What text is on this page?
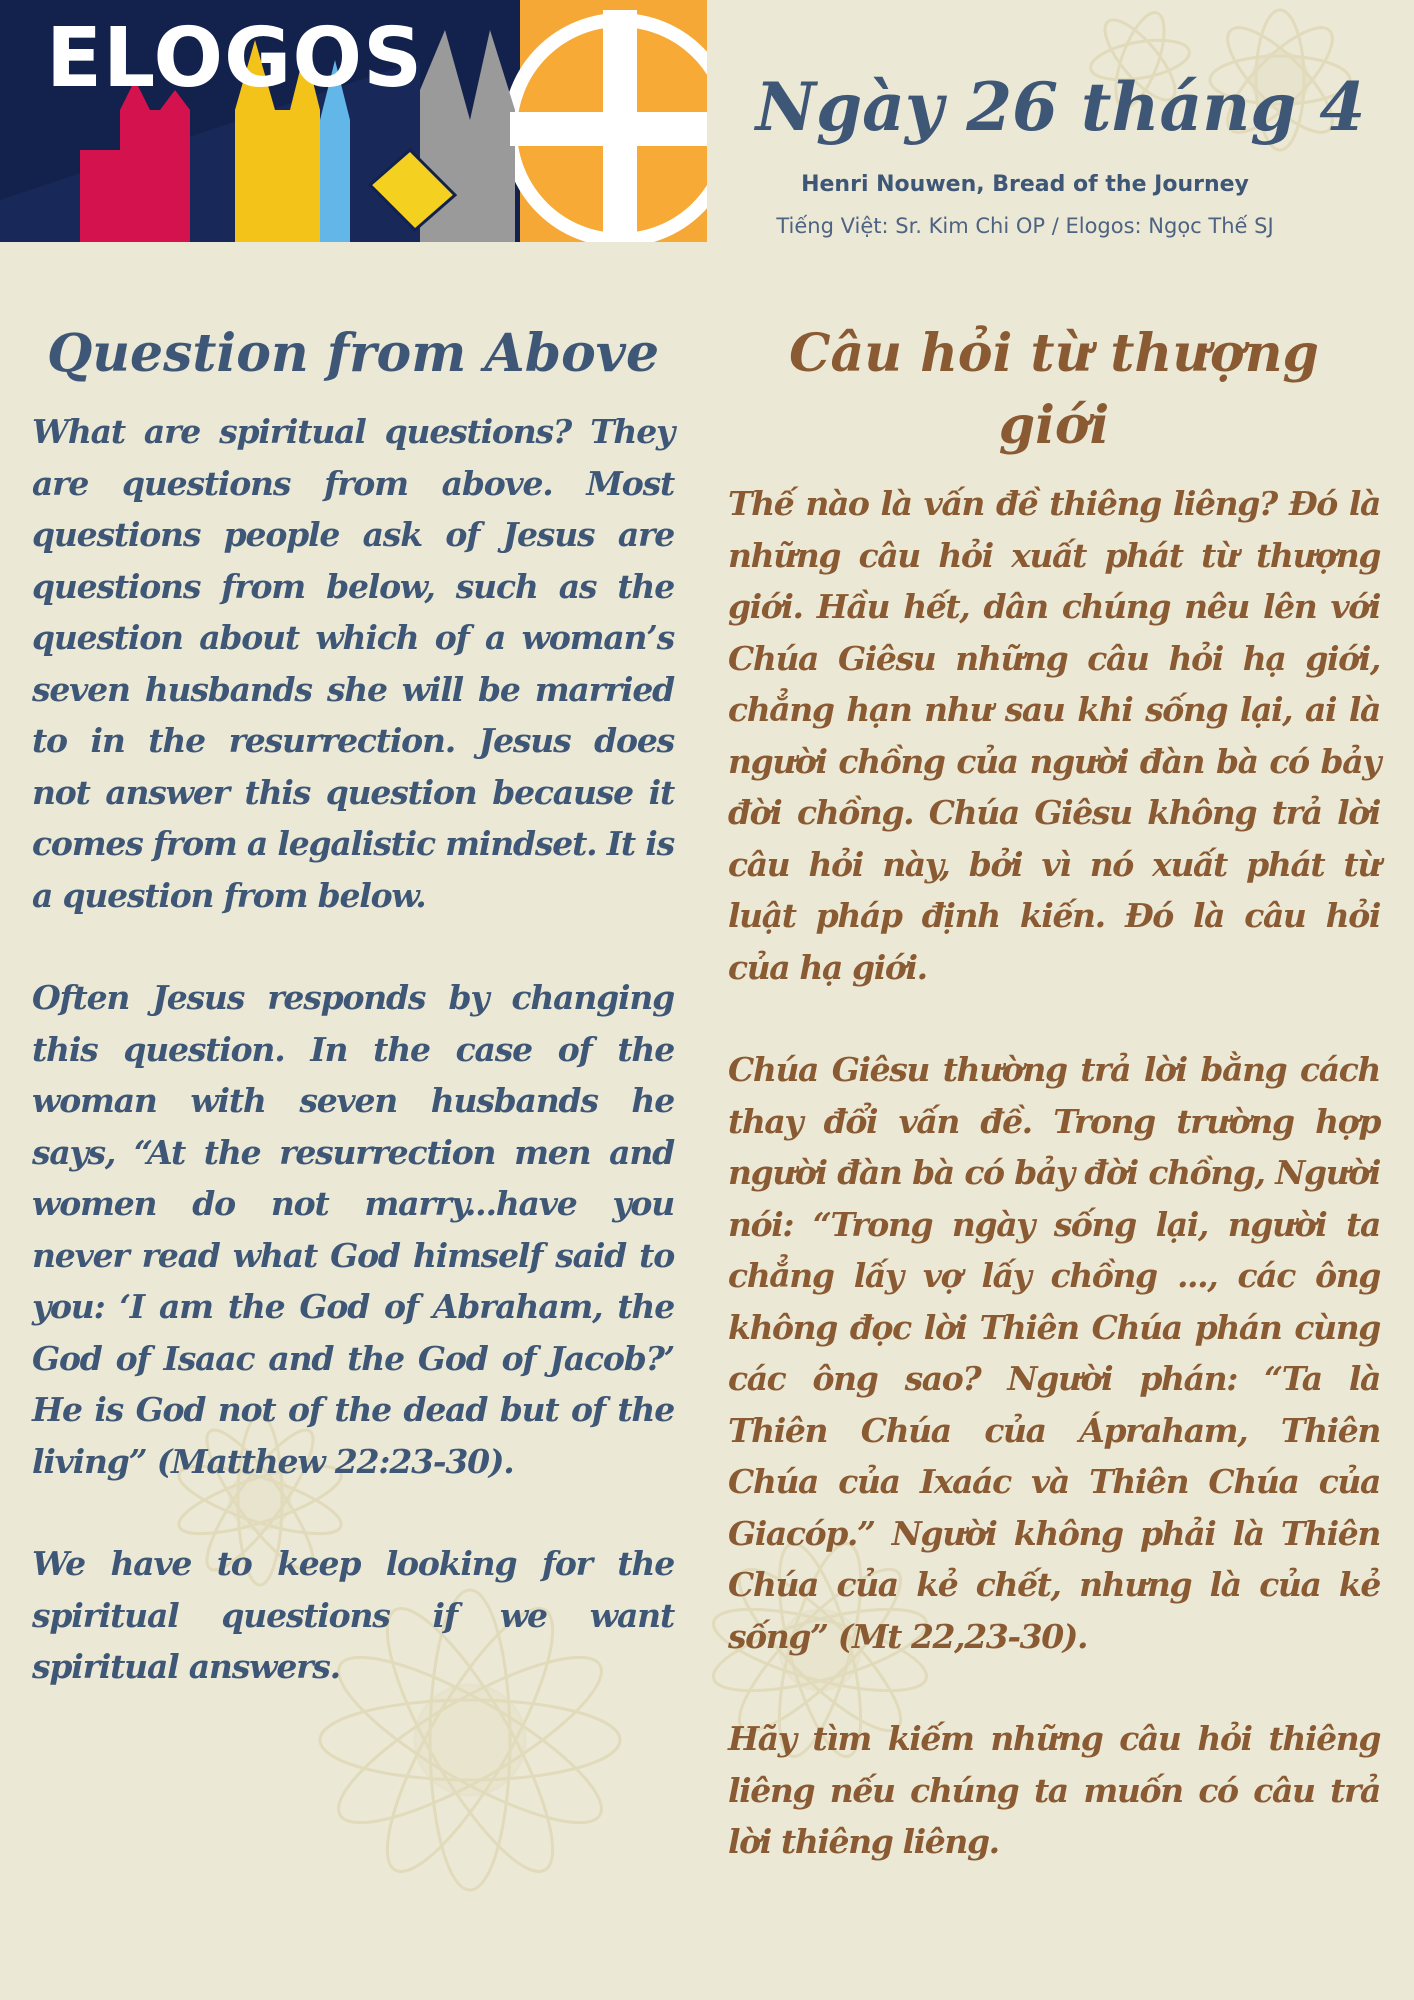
ELOGOS
Ngày 26 tháng 4
Henri Nouwen, Bread of the Journey
Tiếng Việt: Sr. Kim Chi OP / Elogos: Ngọc Thế SJ
Question from Above

What are spiritual questions? They are questions from above. Most questions people ask of Jesus are questions from below, such as the question about which of a woman’s seven husbands she will be married to in the resurrection. Jesus does not answer this question because it comes from a legalistic mindset. It is a question from below.

Often Jesus responds by changing this question. In the case of the woman with seven husbands he says, “At the resurrection men and women do not marry...have you never read what God himself said to you: ‘I am the God of Abraham, the God of Isaac and the God of Jacob?’ He is God not of the dead but of the living” (Matthew 22:23-30).

We have to keep looking for the spiritual questions if we want spiritual answers.

Câu hỏi từ thượng giới

Thế nào là vấn đề thiêng liêng? Đó là những câu hỏi xuất phát từ thượng giới. Hầu hết, dân chúng nêu lên với Chúa Giêsu những câu hỏi hạ giới, chẳng hạn như sau khi sống lại, ai là người chồng của người đàn bà có bảy đời chồng. Chúa Giêsu không trả lời câu hỏi này, bởi vì nó xuất phát từ luật pháp định kiến. Đó là câu hỏi của hạ giới.

Chúa Giêsu thường trả lời bằng cách thay đổi vấn đề. Trong trường hợp người đàn bà có bảy đời chồng, Người nói: “Trong ngày sống lại, người ta chẳng lấy vợ lấy chồng ..., các ông không đọc lời Thiên Chúa phán cùng các ông sao? Người phán: “Ta là Thiên Chúa của Ápraham, Thiên Chúa của Ixaác và Thiên Chúa của Giacóp.” Người không phải là Thiên Chúa của kẻ chết, nhưng là của kẻ sống” (Mt 22,23-30).

Hãy tìm kiếm những câu hỏi thiêng liêng nếu chúng ta muốn có câu trả lời thiêng liêng.
